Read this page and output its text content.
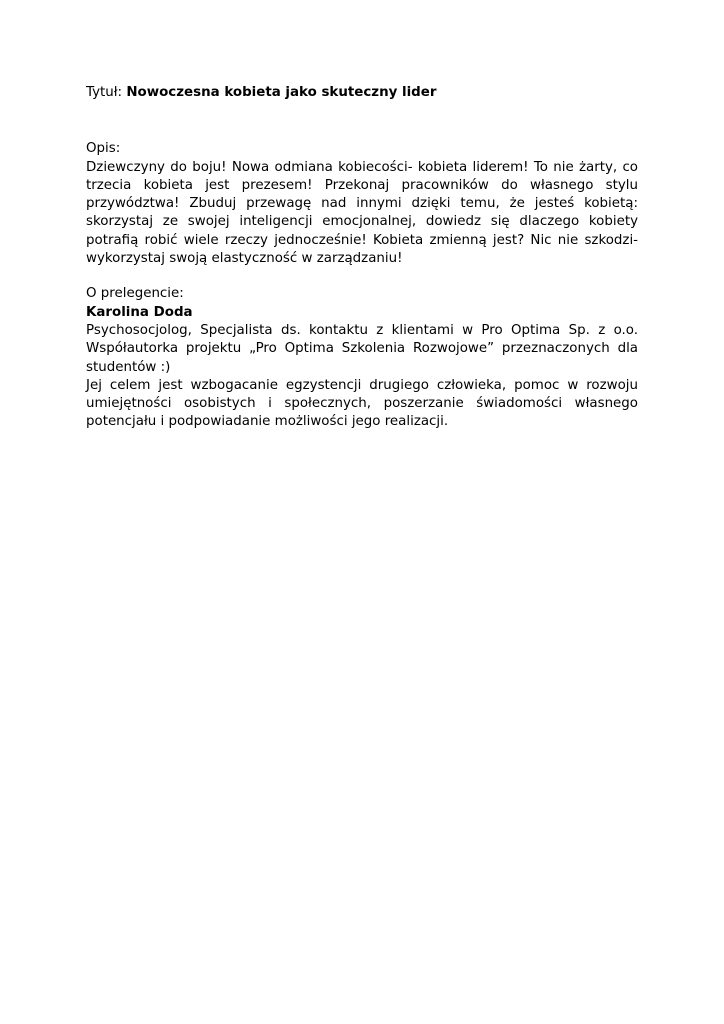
Tytuł: Nowoczesna kobieta jako skuteczny lider

Opis:

Dziewczyny do boju! Nowa odmiana kobiecości- kobieta liderem! To nie żarty, co trzecia kobieta jest prezesem! Przekonaj pracowników do własnego stylu przywództwa! Zbuduj przewagę nad innymi dzięki temu, że jesteś kobietą: skorzystaj ze swojej inteligencji emocjonalnej, dowiedz się dlaczego kobiety potrafią robić wiele rzeczy jednocześnie! Kobieta zmienną jest? Nic nie szkodzi- wykorzystaj swoją elastyczność w zarządzaniu!

O prelegencie:

Karolina Doda

Psychosocjolog, Specjalista ds. kontaktu z klientami w Pro Optima Sp. z o.o. Współautorka projektu „Pro Optima Szkolenia Rozwojowe” przeznaczonych dla studentów :)

Jej celem jest wzbogacanie egzystencji drugiego człowieka, pomoc w rozwoju umiejętności osobistych i społecznych, poszerzanie świadomości własnego potencjału i podpowiadanie możliwości jego realizacji.
